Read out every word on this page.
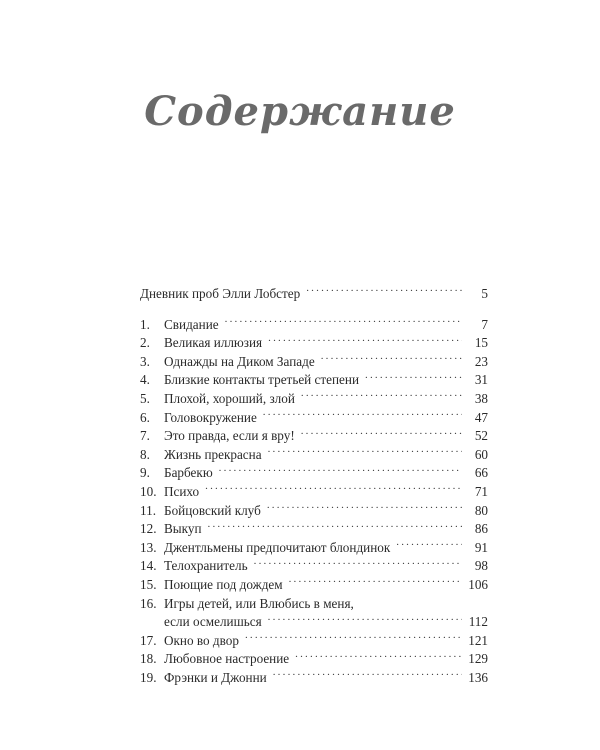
Содержание
Дневник проб Элли Лобстер .....	5
1.	Свидание .....	7
2.	Великая иллюзия .....	15
3.	Однажды на Диком Западе .....	23
4.	Близкие контакты третьей степени .....	31
5.	Плохой, хороший, злой .....	38
6.	Головокружение .....	47
7.	Это правда, если я вру! .....	52
8.	Жизнь прекрасна .....	60
9.	Барбекю .....	66
10. Психо .....	71
11. Бойцовский клуб .....	80
12. Выкуп .....	86
13. Джентльмены предпочитают блондинок .....	91
14. Телохранитель .....	98
15. Поющие под дождем .....	106
16. Игры детей, или Влюбись в меня,
если осмелишься .....	112
17. Окно во двор .....	121
18. Любовное настроение .....	129
19. Фрэнки и Джонни .....	136
